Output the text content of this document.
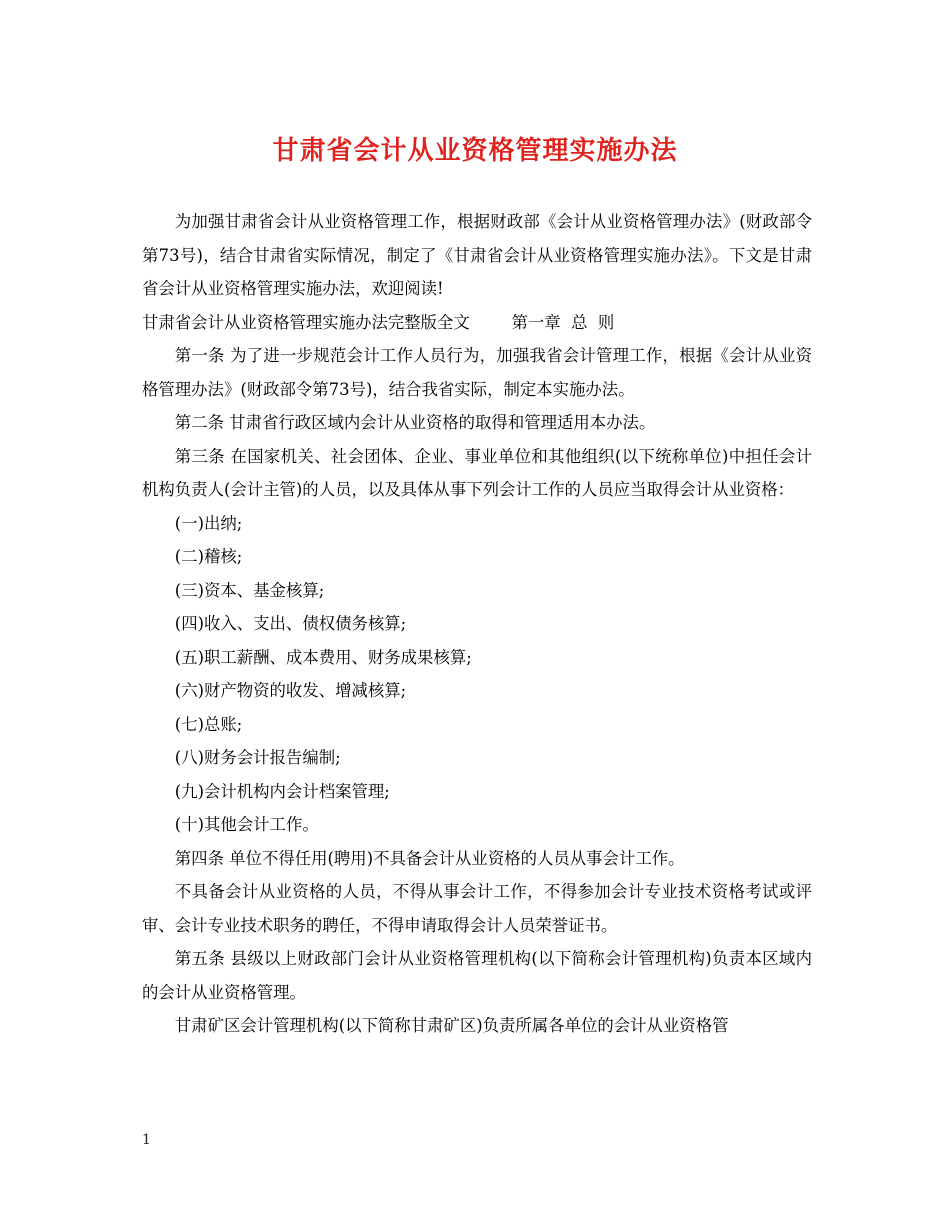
甘肃省会计从业资格管理实施办法

为加强甘肃省会计从业资格管理工作，根据财政部《会计从业资格管理办法》(财政部令第73号)，结合甘肃省实际情况，制定了《甘肃省会计从业资格管理实施办法》。下文是甘肃省会计从业资格管理实施办法，欢迎阅读!

甘肃省会计从业资格管理实施办法完整版全文	第一章  总  则

第一条 为了进一步规范会计工作人员行为，加强我省会计管理工作，根据《会计从业资格管理办法》(财政部令第73号)，结合我省实际，制定本实施办法。

第二条 甘肃省行政区域内会计从业资格的取得和管理适用本办法。

第三条 在国家机关、社会团体、企业、事业单位和其他组织(以下统称单位)中担任会计机构负责人(会计主管)的人员，以及具体从事下列会计工作的人员应当取得会计从业资格：

(一)出纳;

(二)稽核;

(三)资本、基金核算;

(四)收入、支出、债权债务核算;

(五)职工薪酬、成本费用、财务成果核算;

(六)财产物资的收发、增减核算;

(七)总账;

(八)财务会计报告编制;

(九)会计机构内会计档案管理;

(十)其他会计工作。

第四条 单位不得任用(聘用)不具备会计从业资格的人员从事会计工作。

不具备会计从业资格的人员，不得从事会计工作，不得参加会计专业技术资格考试或评审、会计专业技术职务的聘任，不得申请取得会计人员荣誉证书。

第五条 县级以上财政部门会计从业资格管理机构(以下简称会计管理机构)负责本区域内的会计从业资格管理。

甘肃矿区会计管理机构(以下简称甘肃矿区)负责所属各单位的会计从业资格管

1
